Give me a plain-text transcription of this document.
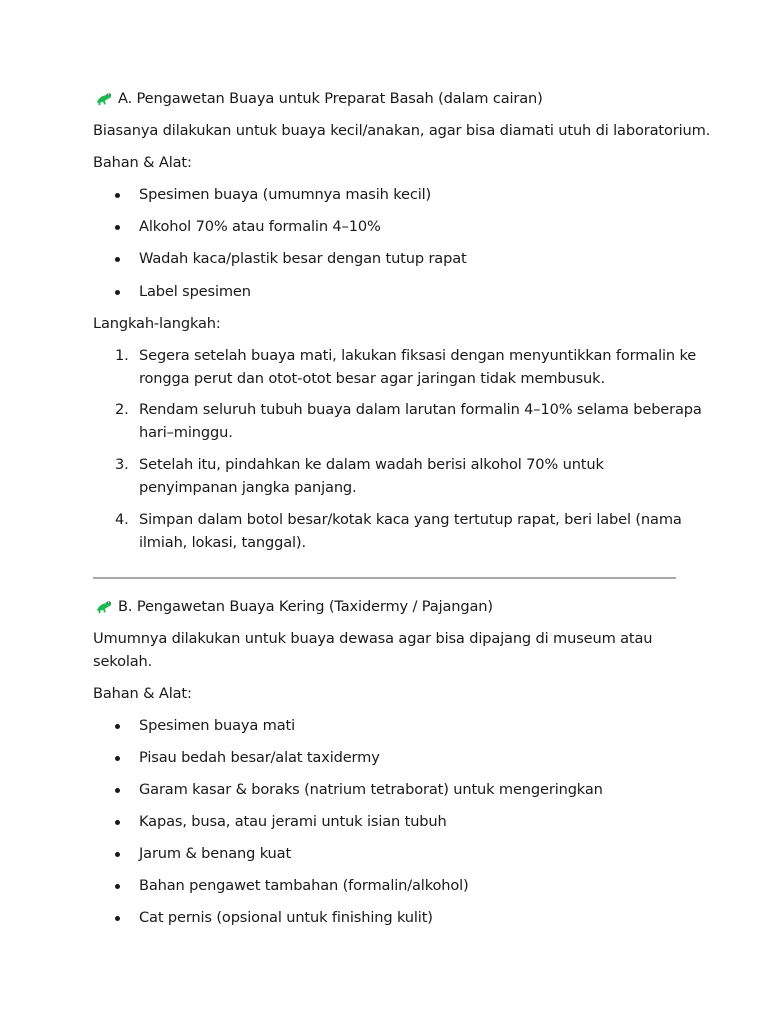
A. Pengawetan Buaya untuk Preparat Basah (dalam cairan)
Biasanya dilakukan untuk buaya kecil/anakan, agar bisa diamati utuh di laboratorium.
Bahan & Alat:
Spesimen buaya (umumnya masih kecil)
Alkohol 70% atau formalin 4–10%
Wadah kaca/plastik besar dengan tutup rapat
Label spesimen
Langkah-langkah:
1. Segera setelah buaya mati, lakukan fiksasi dengan menyuntikkan formalin ke
rongga perut dan otot-otot besar agar jaringan tidak membusuk.
2. Rendam seluruh tubuh buaya dalam larutan formalin 4–10% selama beberapa
hari–minggu.
3. Setelah itu, pindahkan ke dalam wadah berisi alkohol 70% untuk
penyimpanan jangka panjang.
4. Simpan dalam botol besar/kotak kaca yang tertutup rapat, beri label (nama
ilmiah, lokasi, tanggal).
B. Pengawetan Buaya Kering (Taxidermy / Pajangan)
Umumnya dilakukan untuk buaya dewasa agar bisa dipajang di museum atau
sekolah.
Bahan & Alat:
Spesimen buaya mati
Pisau bedah besar/alat taxidermy
Garam kasar & boraks (natrium tetraborat) untuk mengeringkan
Kapas, busa, atau jerami untuk isian tubuh
Jarum & benang kuat
Bahan pengawet tambahan (formalin/alkohol)
Cat pernis (opsional untuk finishing kulit)
